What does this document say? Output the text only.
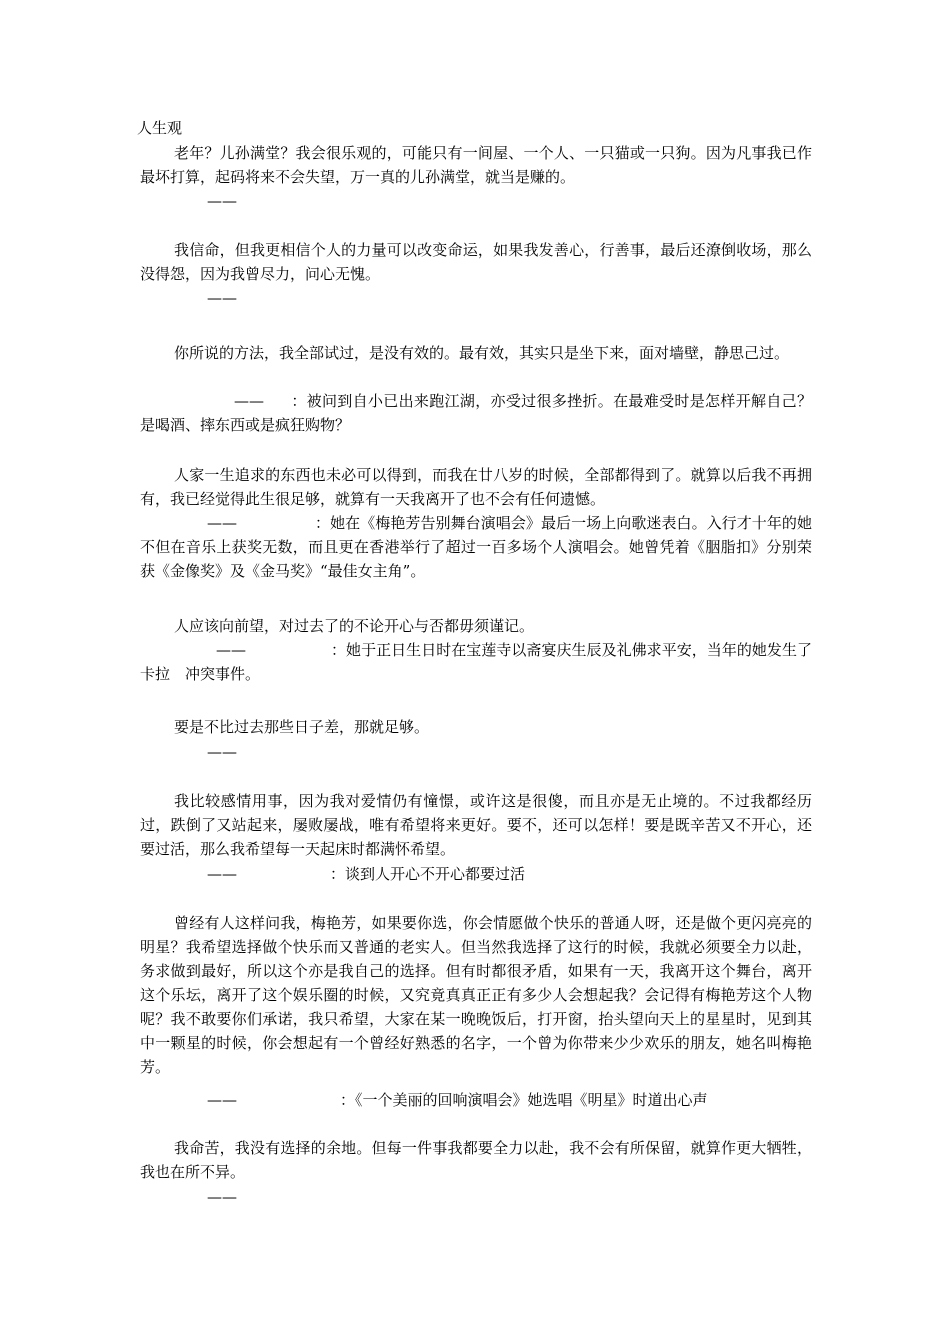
人生观
老年？儿孙满堂？我会很乐观的，可能只有一间屋、一个人、一只猫或一只狗。因为凡事我已作最坏打算，起码将来不会失望，万一真的儿孙满堂，就当是赚的。
——
我信命，但我更相信个人的力量可以改变命运，如果我发善心，行善事，最后还潦倒收场，那么没得怨，因为我曾尽力，问心无愧。
——
你所说的方法，我全部试过，是没有效的。最有效，其实只是坐下来，面对墙壁，静思己过。
—— ：被问到自小已出来跑江湖，亦受过很多挫折。在最难受时是怎样开解自己？是喝酒、摔东西或是疯狂购物？
人家一生追求的东西也未必可以得到，而我在廿八岁的时候，全部都得到了。就算以后我不再拥有，我已经觉得此生很足够，就算有一天我离开了也不会有任何遗憾。
——	：她在《梅艳芳告别舞台演唱会》最后一场上向歌迷表白。入行才十年的她不但在音乐上获奖无数，而且更在香港举行了超过一百多场个人演唱会。她曾凭着《胭脂扣》分别荣获《金像奖》及《金马奖》“最佳女主角”。
人应该向前望，对过去了的不论开心与否都毋须谨记。
——	：她于正日生日时在宝莲寺以斋宴庆生辰及礼佛求平安，当年的她发生了卡拉　冲突事件。
要是不比过去那些日子差，那就足够。
——
我比较感情用事，因为我对爱情仍有憧憬，或许这是很傻，而且亦是无止境的。不过我都经历过，跌倒了又站起来，屡败屡战，唯有希望将来更好。要不，还可以怎样！要是既辛苦又不开心，还要过活，那么我希望每一天起床时都满怀希望。
——	：谈到人开心不开心都要过活
曾经有人这样问我，梅艳芳，如果要你选，你会情愿做个快乐的普通人呀，还是做个更闪亮亮的明星？我希望选择做个快乐而又普通的老实人。但当然我选择了这行的时候，我就必须要全力以赴，务求做到最好，所以这个亦是我自己的选择。但有时都很矛盾，如果有一天，我离开这个舞台，离开这个乐坛，离开了这个娱乐圈的时候，又究竟真真正正有多少人会想起我？会记得有梅艳芳这个人物呢？我不敢要你们承诺，我只希望，大家在某一晚晚饭后，打开窗，抬头望向天上的星星时，见到其中一颗星的时候，你会想起有一个曾经好熟悉的名字，一个曾为你带来少少欢乐的朋友，她名叫梅艳芳。
——	：《一个美丽的回响演唱会》她选唱《明星》时道出心声
我命苦，我没有选择的余地。但每一件事我都要全力以赴，我不会有所保留，就算作更大牺牲，我也在所不异。
——
